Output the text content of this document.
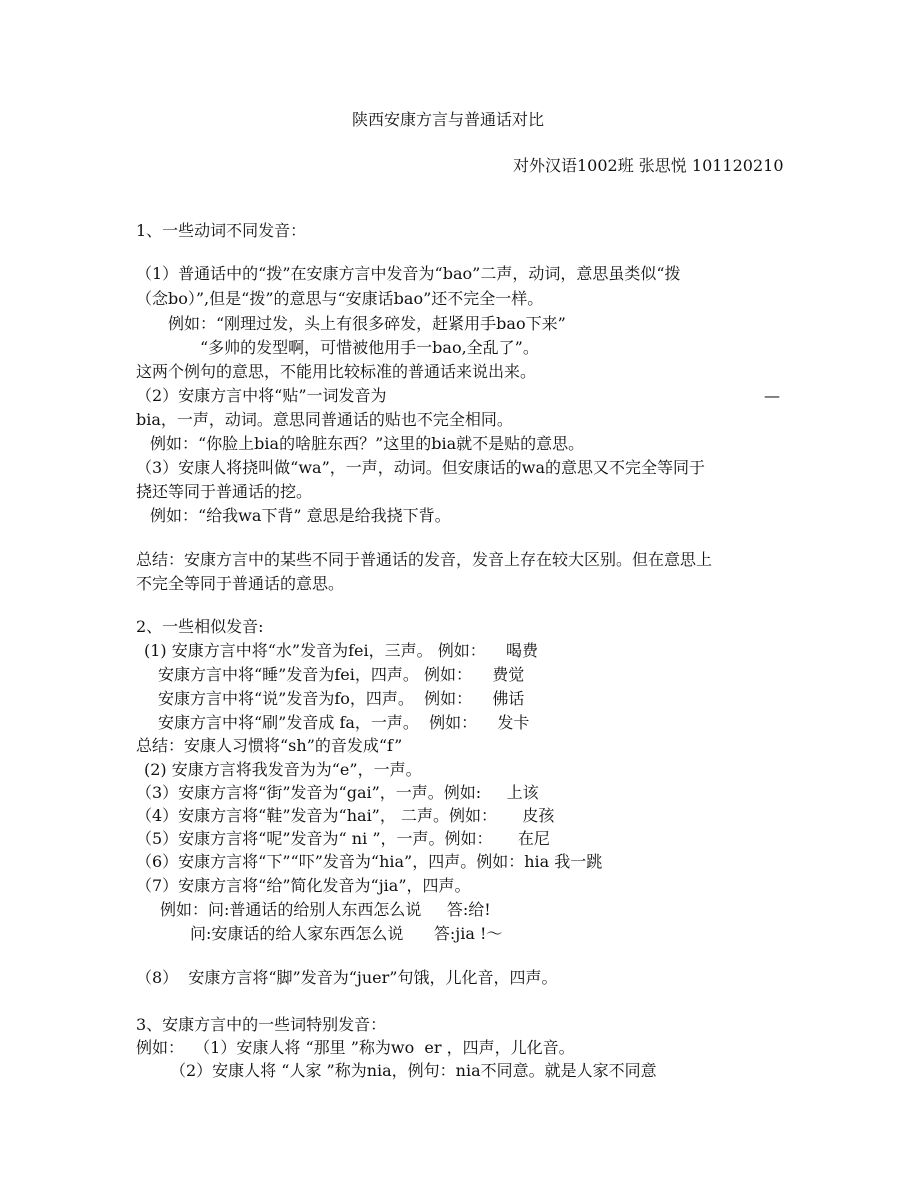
陕西安康方言与普通话对比
对外汉语1002班 张思悦 101120210
1、一些动词不同发音：
（1）普通话中的“拨”在安康方言中发音为“bao”二声，动词，意思虽类似“拨
（念bo）”,但是“拨”的意思与“安康话bao”还不完全一样。
例如：“刚理过发，头上有很多碎发，赶紧用手bao下来”
“多帅的发型啊，可惜被他用手一bao,全乱了”。
这两个例句的意思，不能用比较标准的普通话来说出来。
（2）安康方言中将“贴”一词发音为	—
bia，一声，动词。意思同普通话的贴也不完全相同。
例如：“你脸上bia的啥脏东西？”这里的bia就不是贴的意思。
（3）安康人将挠叫做“wa”，一声，动词。但安康话的wa的意思又不完全等同于
挠还等同于普通话的挖。
例如：“给我wa下背” 意思是给我挠下背。
总结：安康方言中的某些不同于普通话的发音，发音上存在较大区别。但在意思上
不完全等同于普通话的意思。
2、一些相似发音:
(1) 安康方言中将“水”发音为fei，三声。 例如：    喝费
安康方言中将“睡”发音为fei，四声。 例如：    费觉
安康方言中将“说”发音为fo，四声。  例如：    佛话
安康方言中将“刷”发音成 fa，一声。  例如：    发卡
总结：安康人习惯将“sh”的音发成“f”
(2) 安康方言将我发音为为“e”，一声。
（3）安康方言将“街”发音为“gai”，一声。例如:     上该
（4）安康方言将“鞋”发音为“hai”， 二声。例如：     皮孩
（5）安康方言将“呢”发音为“ ni ”，一声。例如：     在尼
（6）安康方言将“下”“吓”发音为“hia”，四声。例如：hia 我一跳
（7）安康方言将“给”简化发音为“jia”，四声。
例如：问:普通话的给别人东西怎么说     答:给!
问:安康话的给人家东西怎么说      答:jia !～
（8）  安康方言将“脚”发音为“juer”句饿，儿化音，四声。
3、安康方言中的一些词特别发音：
例如：  （1）安康人将 “那里 ”称为wo  er ，四声，儿化音。
（2）安康人将 “人家 ”称为nia，例句：nia不同意。就是人家不同意
